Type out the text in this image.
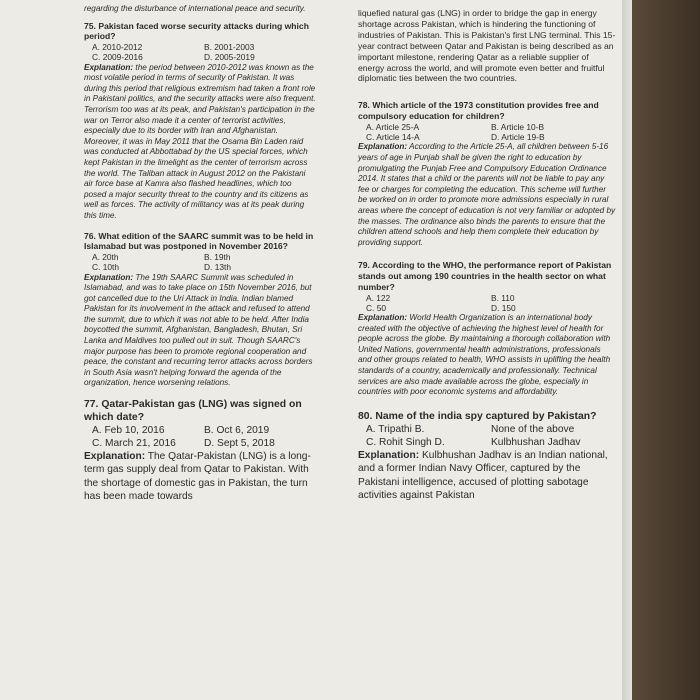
regarding the disturbance of international peace and security.

75. Pakistan faced worse security attacks during which period?

A. 2010-2012	B. 2001-2003
C. 2009-2016	D. 2005-2019

Explanation: the period between 2010-2012 was known as the most volatile period in terms of security of Pakistan. It was during this period that religious extremism had taken a front role in Pakistani politics, and the security attacks were also frequent. Terrorism too was at its peak, and Pakistan's participation in the war on Terror also made it a center of terrorist activities, especially due to its border with Iran and Afghanistan. Moreover, it was in May 2011 that the Osama Bin Laden raid was conducted at Abbottabad by the US special forces, which kept Pakistan in the limelight as the center of terrorism across the world. The Taliban attack in August 2012 on the Pakistani air force base at Kamra also flashed headlines, which too posed a major security threat to the country and its citizens as well as forces. The activity of militancy was at its peak during this time.

76. What edition of the SAARC summit was to be held in Islamabad but was postponed in November 2016?

A. 20th	B. 19th
C. 10th	D. 13th

Explanation: The 19th SAARC Summit was scheduled in Islamabad, and was to take place on 15th November 2016, but got cancelled due to the Uri Attack in India. Indian blamed Pakistan for its involvement in the attack and refused to attend the summit, due to which it was not able to be held. After India boycotted the summit, Afghanistan, Bangladesh, Bhutan, Sri Lanka and Maldives too pulled out in suit. Though SAARC's major purpose has been to promote regional cooperation and peace, the constant and recurring terror attacks across borders in South Asia wasn't helping forward the agenda of the organization, hence worsening relations.

77. Qatar-Pakistan gas (LNG) was signed on which date?

A. Feb 10, 2016	B. Oct 6, 2019
C. March 21, 2016	D. Sept 5, 2018

Explanation: The Qatar-Pakistan (LNG) is a long-term gas supply deal from Qatar to Pakistan. With the shortage of domestic gas in Pakistan, the turn has been made towards

liquefied natural gas (LNG) in order to bridge the gap in energy shortage across Pakistan, which is hindering the functioning of industries of Pakistan. This is Pakistan's first LNG terminal. This 15-year contract between Qatar and Pakistan is being described as an important milestone, rendering Qatar as a reliable supplier of energy across the world, and will promote even better and fruitful diplomatic ties between the two countries.

78. Which article of the 1973 constitution provides free and compulsory education for children?

A. Article 25-A	B. Article 10-B
C. Article 14-A	D. Article 19-B

Explanation: According to the Article 25-A, all children between 5-16 years of age in Punjab shall be given the right to education by promulgating the Punjab Free and Compulsory Education Ordinance 2014. It states that a child or the parents will not be liable to pay any fee or charges for completing the education. This scheme will further be worked on in order to promote more admissions especially in rural areas where the concept of education is not very familiar or adopted by the masses. The ordinance also binds the parents to ensure that the children attend schools and help them complete their education by providing support.

79. According to the WHO, the performance report of Pakistan stands out among 190 countries in the health sector on what number?

A. 122	B. 110
C. 50	D. 150

Explanation: World Health Organization is an international body created with the objective of achieving the highest level of health for people across the globe. By maintaining a thorough collaboration with United Nations, governmental health administrations, professionals and other groups related to health, WHO assists in uplifting the health standards of a country, academically and professionally. Technical services are also made available across the globe, especially in countries with poor economic systems and affordability.

80. Name of the india spy captured by Pakistan?

A. Tripathi B.	None of the above
C. Rohit Singh D.	Kulbhushan Jadhav

Explanation: Kulbhushan Jadhav is an Indian national, and a former Indian Navy Officer, captured by the Pakistani intelligence, accused of plotting sabotage activities against Pakistan
